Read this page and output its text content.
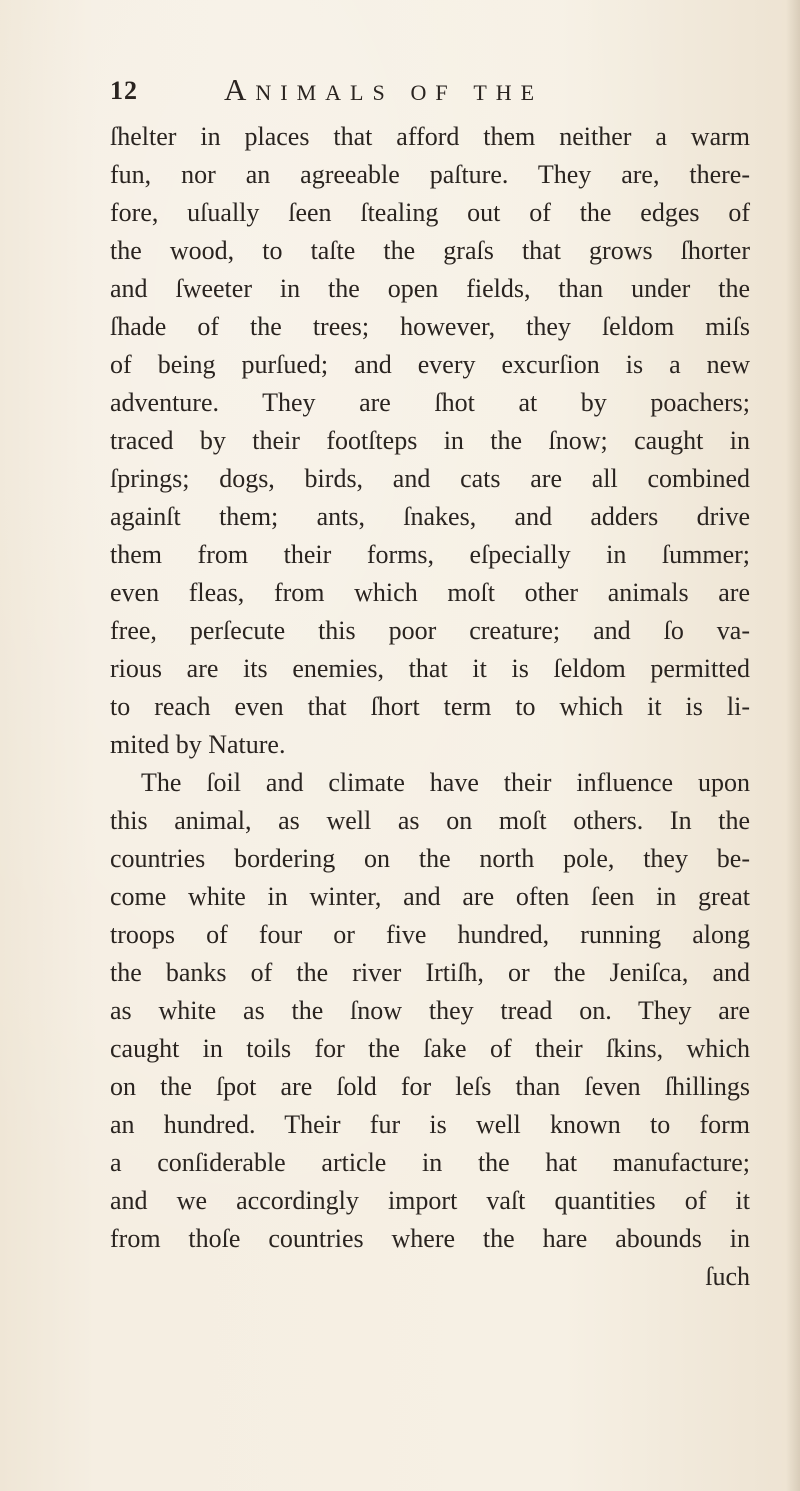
12	Animals of the
ſhelter in places that afford them neither a warm
fun, nor an agreeable paſture. They are, there-
fore, uſually ſeen ſtealing out of the edges of
the wood, to taſte the graſs that grows ſhorter
and ſweeter in the open fields, than under the
ſhade of the trees; however, they ſeldom miſs
of being purſued; and every excurſion is a new
adventure. They are ſhot at by poachers;
traced by their footſteps in the ſnow; caught in
ſprings; dogs, birds, and cats are all combined
againſt them; ants, ſnakes, and adders drive
them from their forms, eſpecially in ſummer;
even fleas, from which moſt other animals are
free, perſecute this poor creature; and ſo va-
rious are its enemies, that it is ſeldom permitted
to reach even that ſhort term to which it is li-
mited by Nature.
The ſoil and climate have their influence upon
this animal, as well as on moſt others. In the
countries bordering on the north pole, they be-
come white in winter, and are often ſeen in great
troops of four or five hundred, running along
the banks of the river Irtiſh, or the Jeniſca, and
as white as the ſnow they tread on. They are
caught in toils for the ſake of their ſkins, which
on the ſpot are ſold for leſs than ſeven ſhillings
an hundred. Their fur is well known to form
a conſiderable article in the hat manufacture;
and we accordingly import vaſt quantities of it
from thoſe countries where the hare abounds in
ſuch
